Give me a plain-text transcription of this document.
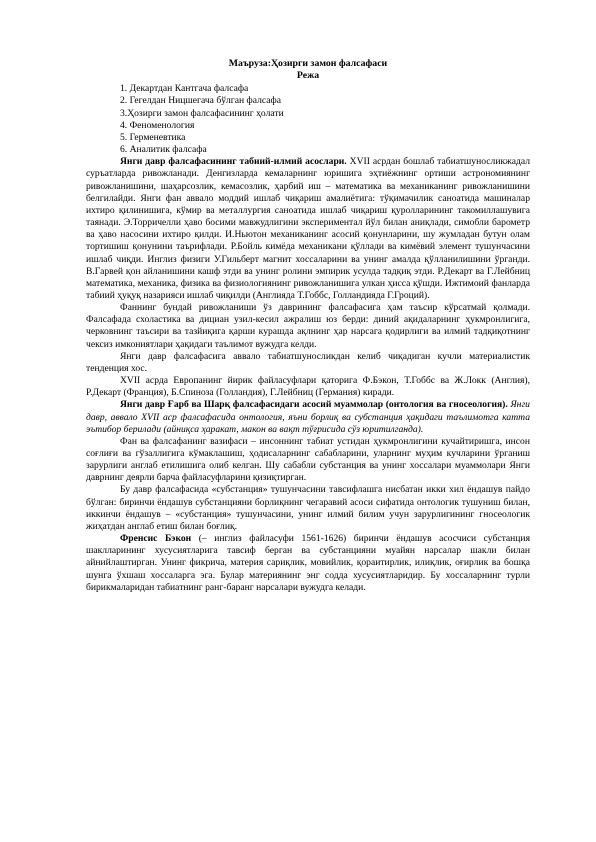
Маъруза:Ҳозирги замон фалсафаси
Режа
1. Декартдан Кантгача фалсафа
2. Гегелдан Ницшегача бўлган фалсафа
3.Ҳозирги замон фалсафасининг ҳолати
4. Феноменология
5. Герменевтика
6. Аналитик фалсафа

Янги давр фалсафасининг табиий-илмий асослари. XVII асрдан бошлаб табиатшуносликжадал суръатларда ривожланади. Денгизларда кемаларнинг юришига эҳтиёжнинг ортиши астрономиянинг ривожланишини, шаҳарсозлик, кемасозлик, ҳарбий иш – математика ва механиканинг ривожланишини белгилайди. Янги фан аввало моддий ишлаб чиқариш амалиётига: тўқимачилик саноатида машиналар ихтиро қилинишига, кўмир ва металлургия саноатида ишлаб чиқариш қуролларининг такомиллашувига таянади. Э.Торричелли ҳаво босими мавжудлигини экспериментал йўл билан аниқлади, симобли барометр ва ҳаво насосини ихтиро қилди. И.Ньютон механиканинг асосий қонунларини, шу жумладан бутун олам тортишиш қонунини таърифлади. Р.Бойль кимёда механикани қўллади ва кимёвий элемент тушунчасини ишлаб чиқди. Инглиз физиги У.Гильберт магнит хоссаларини ва унинг амалда қўлланилишини ўрганди. В.Гарвей қон айланишини кашф этди ва унинг ролини эмпирик усулда тадқиқ этди. Р.Декарт ва Г.Лейбниц математика, механика, физика ва физиологиянинг ривожланишига улкан ҳисса қўшди. Ижтимоий фанларда табиий ҳуқуқ назарияси ишлаб чиқилди (Англияда Т.Гоббс, Голландияда Г.Гроций).

Фаннинг бундай ривожланиши ўз даврининг фалсафасига ҳам таъсир кўрсатмай қолмади. Фалсафада схоластика ва дициан узил-кесил ажралиш юз берди: диний ақидаларнинг ҳукмронлигига, черковнинг таъсири ва тазйиқига қарши курашда ақлнинг ҳар нарсага қодирлиги ва илмий тадқиқотнинг чексиз имкониятлари ҳақидаги таълимот вужудга келди.

Янги давр фалсафасига аввало табиатшуносликдан келиб чиқадиган кучли материалистик тенденция хос.

XVII асрда Европанинг йирик файласуфлари қаторига Ф.Бэкон, Т.Гоббс ва Ж.Локк (Англия), Р.Декарт (Франция), Б.Спиноза (Голландия), Г.Лейбниц (Германия) киради.

Янги давр Ғарб ва Шарқ фалсафасидаги асосий муаммолар (онтология ва гносеология). Янги давр, аввало XVII аср фалсафасида онтология, яъни борлиқ ва субстанция ҳақидаги таълимотга катта эътибор берилади (айниқса ҳаракат, макон ва вақт тўғрисида сўз юритилганда).

Фан ва фалсафанинг вазифаси – инсоннинг табиат устидан ҳукмронлигини кучайтиришга, инсон соғлиғи ва гўзаллигига кўмаклашиш, ҳодисаларнинг сабабларини, уларнинг муҳим кучларини ўрганиш зарурлиги англаб етилишига олиб келган. Шу сабабли субстанция ва унинг хоссалари муаммолари Янги даврнинг деярли барча файласуфларини қизиқтирган.

Бу давр фалсафасида «субстанция» тушунчасини тавсифлашга нисбатан икки хил ёндашув пайдо бўлган: биринчи ёндашув субстанцияни борлиқнинг чегаравий асоси сифатида онтологик тушуниш билан, иккинчи ёндашув – «субстанция» тушунчасини, унинг илмий билим учун зарурлигининг гносеологик жиҳатдан англаб етиш билан боғлиқ.

Френсис Бэкон (– инглиз файласуфи 1561-1626) биринчи ёндашув асосчиси субстанция шаклларининг хусусиятларига тавсиф берган ва субстанцияни муайян нарсалар шакли билан айнийлаштирган. Унинг фикрича, материя сариқлик, мовийлик, қораитирлик, илиқлик, оғирлик ва бошқа шунга ўхшаш хоссаларга эга. Булар материянинг энг содда хусусиятларидир. Бу хоссаларнинг турли бирикмаларидан табиатнинг ранг-баранг нарсалари вужудга келади.
